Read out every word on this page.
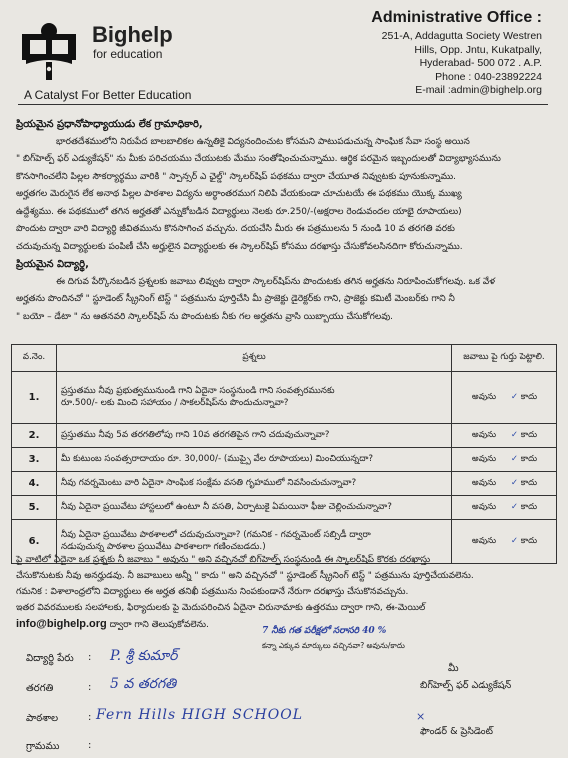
Bighelp
for education
A Catalyst For Better Education
Administrative Office :
251-A, Addagutta Society Westren
Hills, Opp. Jntu, Kukatpally,
Hyderabad- 500 072 . A.P.
Phone : 040-23892224
E-mail :admin@bighelp.org
ప్రియమైన ప్రధానోపాధ్యాయుడు లేక గ్రామాధికారి,
భారతదేశములోని నిరుపేద బాలబాలికల ఉన్నతికై విద్యనందించుట కోసమని పాటుపడుచున్న సాంఘిక సేవా సంస్థ అయిన
" బిగ్‌హెల్ప్ ఫర్ ఎడ్యుకేషన్" ను మీకు పరిచయము చేయుటకు మేము సంతోషించుచున్నాము. ఆర్థిక పరమైన ఇబ్బందులతో విద్యాభ్యాసమును
కొనసాగించలేని పిల్లల సౌకర్యార్థము వారికి " స్పాన్సర్ ఎ ఛైల్డ్" స్కాలర్‌షిప్ పథకము ద్వారా చేయూత నివ్వుటకు పూనుకున్నాము.
అర్హతగల మెరుగైన లేక అనాథ పిల్లల పాఠశాల విద్యను అర్థాంతరముగ నిలిపి వేయకుండా చూచుటయే ఈ పథకము యొక్క ముఖ్య
ఉద్దేశ్యము. ఈ పథకములో తగిన అర్హతతో ఎన్నుకోబడిన విద్యార్థులు నెలకు రూ.250/-(అక్షరాల రెండువందల యాభై రూపాయలు)
పొందుట ద్వారా వారి విద్యార్థి జీవితమును కొనసాగించ వచ్చును. దయచేసి మీరు ఈ పత్రములను 5 నుండి 10 వ తరగతి వరకు
చదువుచున్న విద్యార్థులకు పంపిణీ చేసి అర్హులైన విద్యార్థులకు ఈ స్కాలర్‌షిప్ కోసము దరఖాస్తు చేసుకోవలసినదిగా కోరుచున్నాము.
ప్రియమైన విద్యార్థి,
ఈ దిగువ పేర్కొనబడిన ప్రశ్నలకు జవాబు లివ్వుట ద్వారా స్కాలర్‌షిప్‌ను పొందుటకు తగిన అర్హతను నిరూపించుకోగలవు. ఒక వేళ
అర్హతను పొందినచో " స్టూడెంట్ స్క్రీనింగ్ టెస్ట్ " పత్రమును పూర్తిచేసి మీ ప్రాజెక్టు డైరెక్టర్‌కు గాని, ప్రాజెక్టు కమిటీ మెంబర్‌కు గాని నీ
" బయో – డేటా " ను ఆతనవరి స్కాలర్‌షిప్ ను పొందుటకు నీకు గల అర్హతను వ్రాసి యిబ్బాయు చేసుకోగలవు.
వ.నెం.	ప్రశ్నలు	జవాబు పై గుర్తు పెట్టాలి.
1.	ప్రస్తుతము నీవు ప్రభుత్వమునుండి గాని ఏదైనా సంస్థనుండి గాని సంవత్సరమునకు
రూ.500/- లకు మించి సహాయం / సాకలర్‌షిప్‌ను పొందుచున్నావా?	అవును ✓ కాదు
2.	ప్రస్తుతము నీవు 5వ తరగతిలోపు గాని 10వ తరగతిపైన గాని చదువుచున్నావా?	అవును ✓ కాదు
3.	మీ కుటుంబ సంవత్సరాదాయం రూ. 30,000/- (ముప్పై వేల రూపాయలు) మించియున్నదా?	అవును ✓ కాదు
4.	నీవు గవర్నమెంటు వారి ఏదైనా సాంఘిక సంక్షేమ వసతి గృహములో నివసించుచున్నావా?	అవును ✓ కాదు
5.	నీవు ఏదైనా ప్రయివేటు హాస్టలులో ఉంటూ నీ వసతి, ఏర్పాటుకై ఏమయినా ఫీజు చెల్లించుచున్నావా?	అవును ✓ కాదు
6.	నీవు ఏదైనా ప్రయివేటు పాఠశాలలో చదువుచున్నావా? (గమనిక - గవర్నమెంట్ సబ్సిడీ ద్వారా
నడుపుచున్న పాఠశాల ప్రయివేటు పాఠశాలగా గణించబడదు.)	అవును ✓ కాదు
పై వాటిలో ఏదైనా ఒక ప్రశ్నకు నీ జవాబు " అవును " అని వచ్చినచో బిగ్‌హెల్ప్ సంస్థనుండి ఈ స్కాలర్‌షిప్ కొరకు దరఖాస్తు
చేసుకొనుటకు నీవు అనర్హుడవు. నీ జవాబులు అన్నీ " కాదు " అని వచ్చినచో " స్టూడెంట్ స్క్రీనింగ్ టెస్ట్ " పత్రమును పూర్తిచేయవలెను.
గమనిక : విశాలాంధ్రలోని విద్యార్థులు ఈ అర్హత తనిఖీ పత్రమును నింపకుండానే నేరుగా దరఖాస్తు చేసుకొనవచ్చును.
ఇతర వివరములకు సలహాలకు, ఫిర్యాదులకు పై మెదుపరించిన ఏదైనా చిరునామాకు ఉత్తరము ద్వారా గాని, ఈ-మెయిల్
info@bighelp.org ద్వారా గాని తెలుపుకోవలెను.
7 నీకు గత పరీక్షలో సరాసరి 40 %
కన్నా ఎక్కువ మార్కులు వచ్చినవా? అవును/కాదు
విద్యార్థి పేరు : P. శ్రీ కుమార్
తరగతి	: 5 వ తరగతి
పాఠశాల	: Fern Hills HIGH SCHOOL
గ్రామము	:
మీ
బిగ్‌హెల్ప్ ఫర్ ఎడ్యుకేషన్
×
ఫౌండర్ & ప్రెసిడెంట్
